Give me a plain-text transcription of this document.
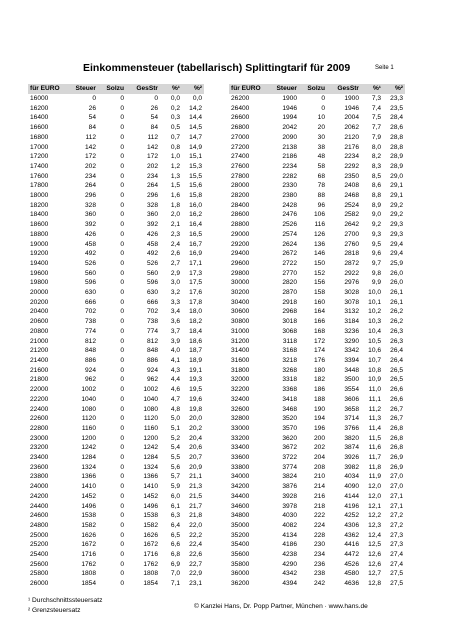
Einkommensteuer (tabellarisch) Splittingtarif für 2009	Seite 1
für EURO	Steuer	Solzu	GesStr	%¹	%²
16000	0	0	0	0,0	0,0
16200	26	0	26	0,2	14,2
16400	54	0	54	0,3	14,4
16600	84	0	84	0,5	14,5
16800	112	0	112	0,7	14,7
17000	142	0	142	0,8	14,9
17200	172	0	172	1,0	15,1
17400	202	0	202	1,2	15,3
17600	234	0	234	1,3	15,5
17800	264	0	264	1,5	15,6
18000	296	0	296	1,6	15,8
18200	328	0	328	1,8	16,0
18400	360	0	360	2,0	16,2
18600	392	0	392	2,1	16,4
18800	426	0	426	2,3	16,5
19000	458	0	458	2,4	16,7
19200	492	0	492	2,6	16,9
19400	526	0	526	2,7	17,1
19600	560	0	560	2,9	17,3
19800	596	0	596	3,0	17,5
20000	630	0	630	3,2	17,6
20200	666	0	666	3,3	17,8
20400	702	0	702	3,4	18,0
20600	738	0	738	3,6	18,2
20800	774	0	774	3,7	18,4
21000	812	0	812	3,9	18,6
21200	848	0	848	4,0	18,7
21400	886	0	886	4,1	18,9
21600	924	0	924	4,3	19,1
21800	962	0	962	4,4	19,3
22000	1002	0	1002	4,6	19,5
22200	1040	0	1040	4,7	19,6
22400	1080	0	1080	4,8	19,8
22600	1120	0	1120	5,0	20,0
22800	1160	0	1160	5,1	20,2
23000	1200	0	1200	5,2	20,4
23200	1242	0	1242	5,4	20,6
23400	1284	0	1284	5,5	20,7
23600	1324	0	1324	5,6	20,9
23800	1366	0	1366	5,7	21,1
24000	1410	0	1410	5,9	21,3
24200	1452	0	1452	6,0	21,5
24400	1496	0	1496	6,1	21,7
24600	1538	0	1538	6,3	21,8
24800	1582	0	1582	6,4	22,0
25000	1626	0	1626	6,5	22,2
25200	1672	0	1672	6,6	22,4
25400	1716	0	1716	6,8	22,6
25600	1762	0	1762	6,9	22,7
25800	1808	0	1808	7,0	22,9
26000	1854	0	1854	7,1	23,1
für EURO	Steuer	Solzu	GesStr	%¹	%²
26200	1900	0	1900	7,3	23,3
26400	1946	0	1946	7,4	23,5
26600	1994	10	2004	7,5	28,4
26800	2042	20	2062	7,7	28,6
27000	2090	30	2120	7,9	28,8
27200	2138	38	2176	8,0	28,8
27400	2186	48	2234	8,2	28,9
27600	2234	58	2292	8,3	28,9
27800	2282	68	2350	8,5	29,0
28000	2330	78	2408	8,6	29,1
28200	2380	88	2468	8,8	29,1
28400	2428	96	2524	8,9	29,2
28600	2476	106	2582	9,0	29,2
28800	2526	116	2642	9,2	29,3
29000	2574	126	2700	9,3	29,3
29200	2624	136	2760	9,5	29,4
29400	2672	146	2818	9,6	29,4
29600	2722	150	2872	9,7	25,9
29800	2770	152	2922	9,8	26,0
30000	2820	156	2976	9,9	26,0
30200	2870	158	3028	10,0	26,1
30400	2918	160	3078	10,1	26,1
30600	2968	164	3132	10,2	26,2
30800	3018	166	3184	10,3	26,2
31000	3068	168	3236	10,4	26,3
31200	3118	172	3290	10,5	26,3
31400	3168	174	3342	10,6	26,4
31600	3218	176	3394	10,7	26,4
31800	3268	180	3448	10,8	26,5
32000	3318	182	3500	10,9	26,5
32200	3368	186	3554	11,0	26,6
32400	3418	188	3606	11,1	26,6
32600	3468	190	3658	11,2	26,7
32800	3520	194	3714	11,3	26,7
33000	3570	196	3766	11,4	26,8
33200	3620	200	3820	11,5	26,8
33400	3672	202	3874	11,6	26,8
33600	3722	204	3926	11,7	26,9
33800	3774	208	3982	11,8	26,9
34000	3824	210	4034	11,9	27,0
34200	3876	214	4090	12,0	27,0
34400	3928	216	4144	12,0	27,1
34600	3978	218	4196	12,1	27,1
34800	4030	222	4252	12,2	27,2
35000	4082	224	4306	12,3	27,2
35200	4134	228	4362	12,4	27,3
35400	4186	230	4416	12,5	27,3
35600	4238	234	4472	12,6	27,4
35800	4290	236	4526	12,6	27,4
36000	4342	238	4580	12,7	27,5
36200	4394	242	4636	12,8	27,5
¹ Durchschnittssteuersatz
² Grenzsteuersatz
© Kanzlei Hans, Dr. Popp Partner, München · www.hans.de
